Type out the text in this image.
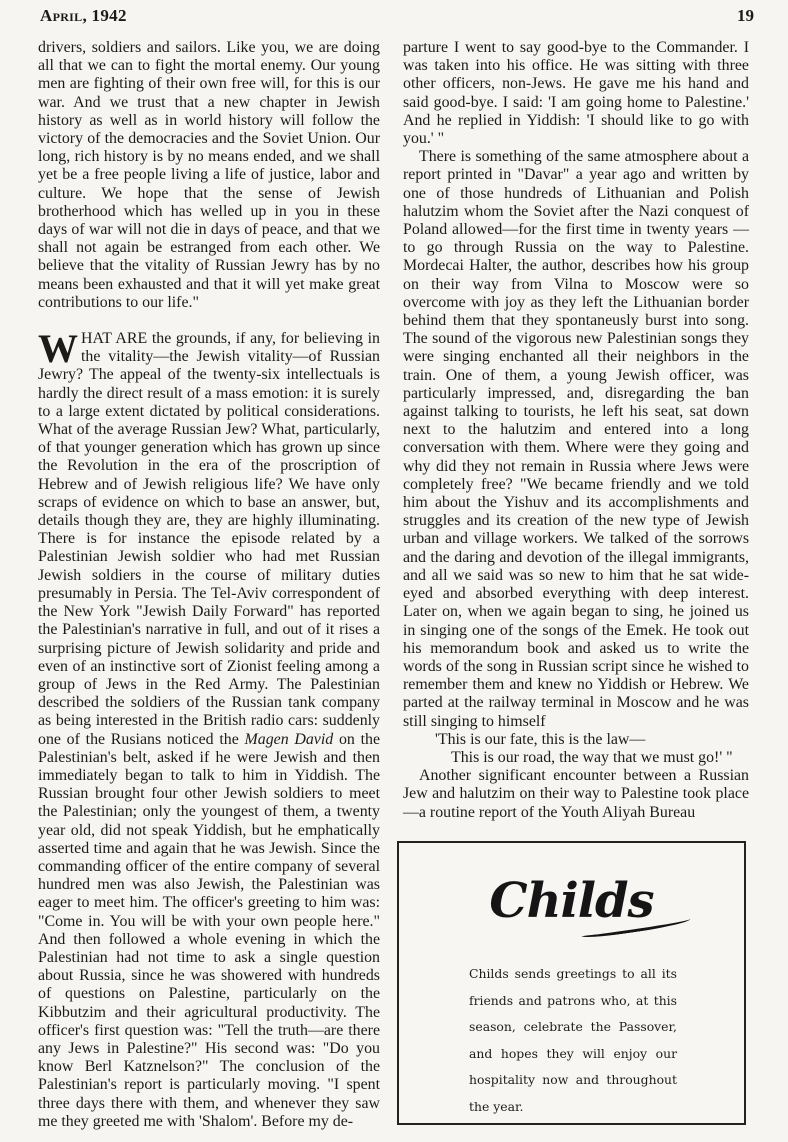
April, 1942	19

drivers, soldiers and sailors. Like you, we are doing all that we can to fight the mortal enemy. Our young men are fighting of their own free will, for this is our war. And we trust that a new chapter in Jewish history as well as in world history will follow the victory of the democracies and the Soviet Union. Our long, rich history is by no means ended, and we shall yet be a free people living a life of justice, labor and culture. We hope that the sense of Jewish brotherhood which has welled up in you in these days of war will not die in days of peace, and that we shall not again be estranged from each other. We believe that the vitality of Russian Jewry has by no means been exhausted and that it will yet make great contributions to our life."

WHAT ARE the grounds, if any, for believing in the vitality—the Jewish vitality—of Russian Jewry? The appeal of the twenty-six intellectuals is hardly the direct result of a mass emotion: it is surely to a large extent dictated by political considerations. What of the average Russian Jew? What, particularly, of that younger generation which has grown up since the Revolution in the era of the proscription of Hebrew and of Jewish religious life? We have only scraps of evidence on which to base an answer, but, details though they are, they are highly illuminating. There is for instance the episode related by a Palestinian Jewish soldier who had met Russian Jewish soldiers in the course of military duties presumably in Persia. The Tel-Aviv correspondent of the New York "Jewish Daily Forward" has reported the Palestinian's narrative in full, and out of it rises a surprising picture of Jewish solidarity and pride and even of an instinctive sort of Zionist feeling among a group of Jews in the Red Army. The Palestinian described the soldiers of the Russian tank company as being interested in the British radio cars: suddenly one of the Rusians noticed the Magen David on the Palestinian's belt, asked if he were Jewish and then immediately began to talk to him in Yiddish. The Russian brought four other Jewish soldiers to meet the Palestinian; only the youngest of them, a twenty year old, did not speak Yiddish, but he emphatically asserted time and again that he was Jewish. Since the commanding officer of the entire company of several hundred men was also Jewish, the Palestinian was eager to meet him. The officer's greeting to him was: "Come in. You will be with your own people here." And then followed a whole evening in which the Palestinian had not time to ask a single question about Russia, since he was showered with hundreds of questions on Palestine, particularly on the Kibbutzim and their agricultural productivity. The officer's first question was: "Tell the truth—are there any Jews in Palestine?" His second was: "Do you know Berl Katznelson?" The conclusion of the Palestinian's report is particularly moving. "I spent three days there with them, and whenever they saw me they greeted me with 'Shalom'. Before my de-

parture I went to say good-bye to the Commander. I was taken into his office. He was sitting with three other officers, non-Jews. He gave me his hand and said good-bye. I said: 'I am going home to Palestine.' And he replied in Yiddish: 'I should like to go with you.' "

There is something of the same atmosphere about a report printed in "Davar" a year ago and written by one of those hundreds of Lithuanian and Polish halutzim whom the Soviet after the Nazi conquest of Poland allowed—for the first time in twenty years —to go through Russia on the way to Palestine. Mordecai Halter, the author, describes how his group on their way from Vilna to Moscow were so overcome with joy as they left the Lithuanian border behind them that they spontaneusly burst into song. The sound of the vigorous new Palestinian songs they were singing enchanted all their neighbors in the train. One of them, a young Jewish officer, was particularly impressed, and, disregarding the ban against talking to tourists, he left his seat, sat down next to the halutzim and entered into a long conversation with them. Where were they going and why did they not remain in Russia where Jews were completely free? "We became friendly and we told him about the Yishuv and its accomplishments and struggles and its creation of the new type of Jewish urban and village workers. We talked of the sorrows and the daring and devotion of the illegal immigrants, and all we said was so new to him that he sat wide-eyed and absorbed everything with deep interest. Later on, when we again began to sing, he joined us in singing one of the songs of the Emek. He took out his memorandum book and asked us to write the words of the song in Russian script since he wished to remember them and knew no Yiddish or Hebrew. We parted at the railway terminal in Moscow and he was still singing to himself

'This is our fate, this is the law—

This is our road, the way that we must go!' "

Another significant encounter between a Russian Jew and halutzim on their way to Palestine took place—a routine report of the Youth Aliyah Bureau

Childs
Childs sends greetings to all its friends and patrons who, at this season, celebrate the Passover, and hopes they will enjoy our hospitality now and throughout the year.
